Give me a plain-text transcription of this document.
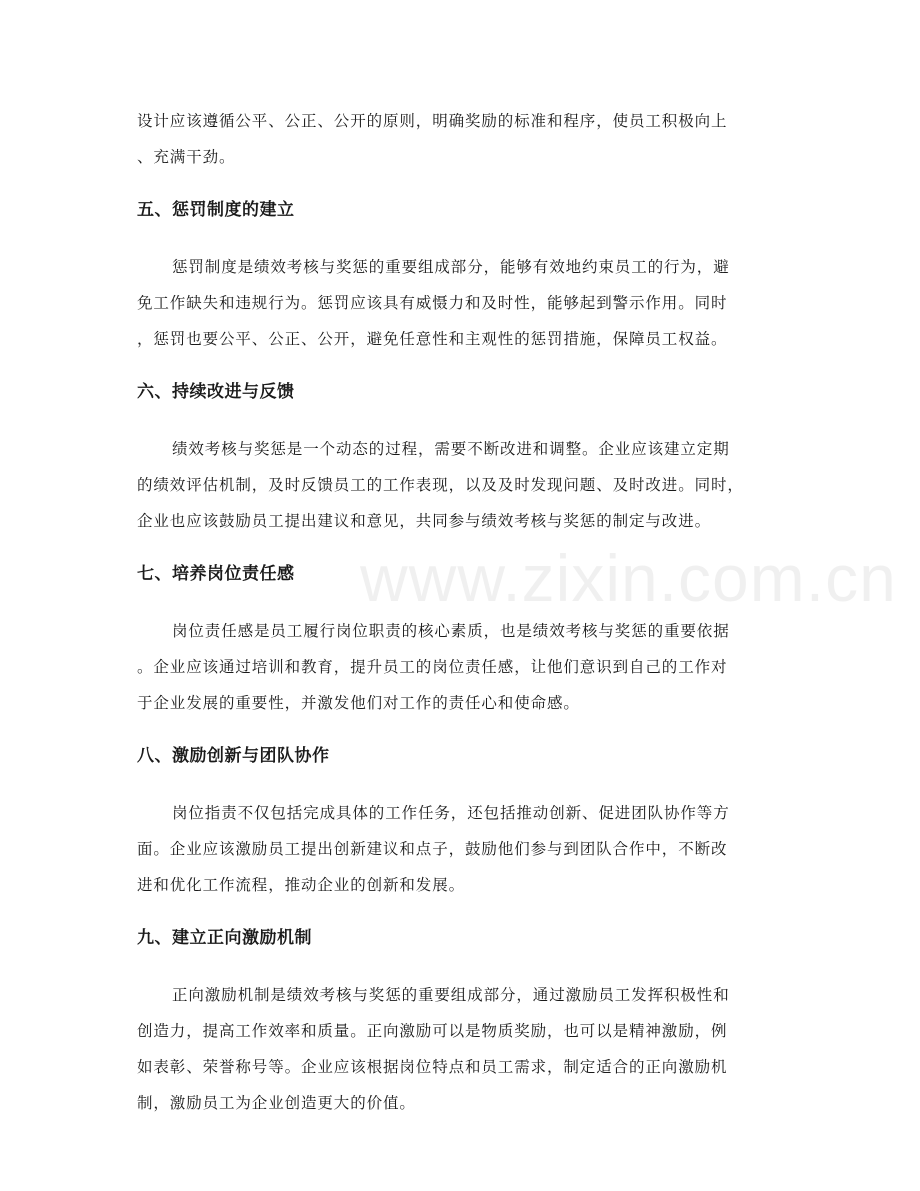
www.zixin.com.cn

设计应该遵循公平、公正、公开的原则，明确奖励的标准和程序，使员工积极向上

、充满干劲。

五、惩罚制度的建立

惩罚制度是绩效考核与奖惩的重要组成部分，能够有效地约束员工的行为，避

免工作缺失和违规行为。惩罚应该具有威慑力和及时性，能够起到警示作用。同时

，惩罚也要公平、公正、公开，避免任意性和主观性的惩罚措施，保障员工权益。

六、持续改进与反馈

绩效考核与奖惩是一个动态的过程，需要不断改进和调整。企业应该建立定期

的绩效评估机制，及时反馈员工的工作表现，以及及时发现问题、及时改进。同时，

企业也应该鼓励员工提出建议和意见，共同参与绩效考核与奖惩的制定与改进。

七、培养岗位责任感

岗位责任感是员工履行岗位职责的核心素质，也是绩效考核与奖惩的重要依据

。企业应该通过培训和教育，提升员工的岗位责任感，让他们意识到自己的工作对

于企业发展的重要性，并激发他们对工作的责任心和使命感。

八、激励创新与团队协作

岗位指责不仅包括完成具体的工作任务，还包括推动创新、促进团队协作等方

面。企业应该激励员工提出创新建议和点子，鼓励他们参与到团队合作中，不断改

进和优化工作流程，推动企业的创新和发展。

九、建立正向激励机制

正向激励机制是绩效考核与奖惩的重要组成部分，通过激励员工发挥积极性和

创造力，提高工作效率和质量。正向激励可以是物质奖励，也可以是精神激励，例

如表彰、荣誉称号等。企业应该根据岗位特点和员工需求，制定适合的正向激励机

制，激励员工为企业创造更大的价值。
